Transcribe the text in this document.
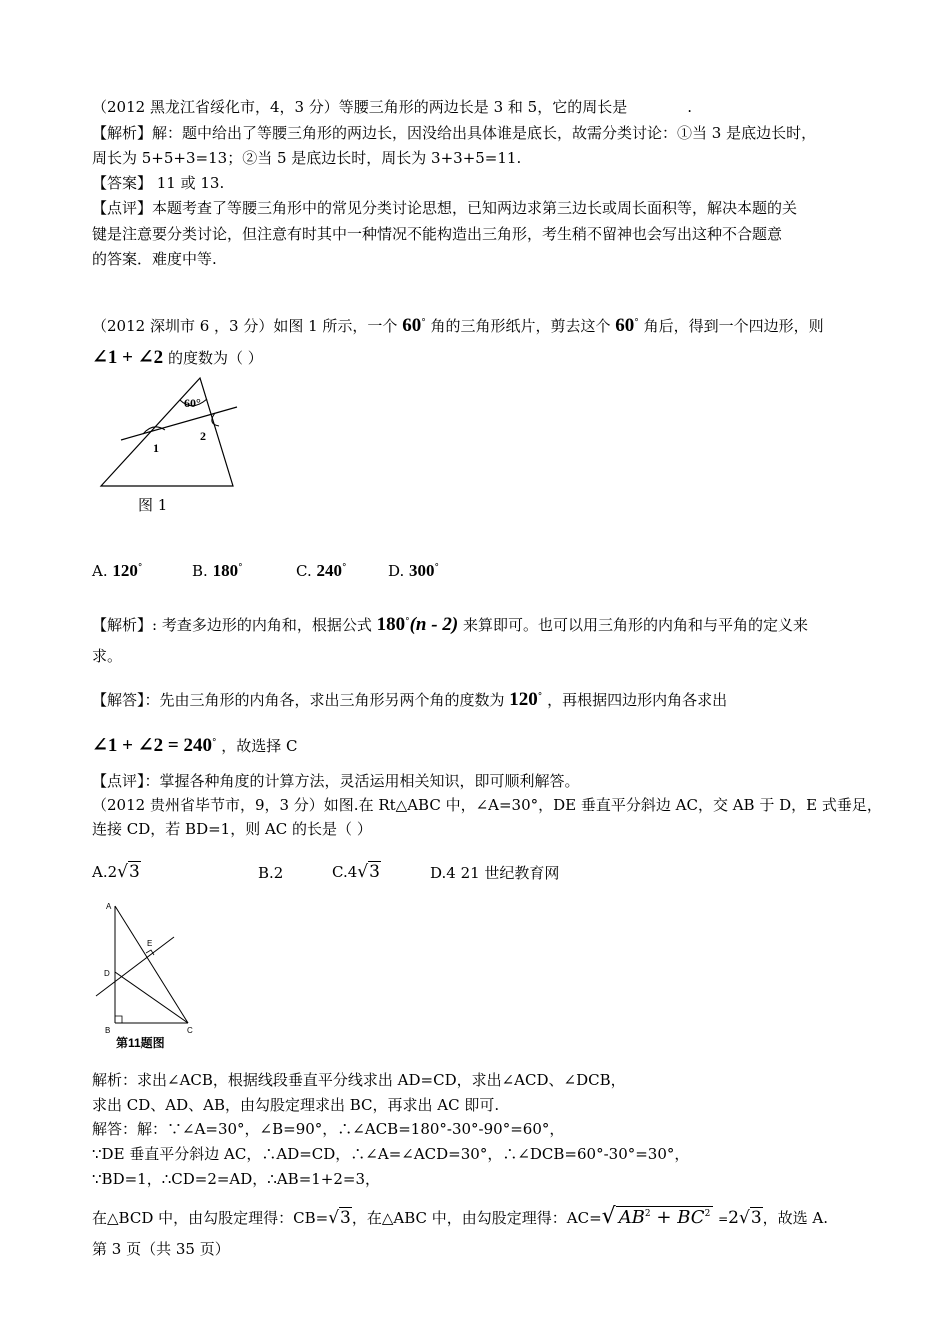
（2012 黑龙江省绥化市，4，3 分）等腰三角形的两边长是 3 和 5，它的周长是	.
【解析】解：题中给出了等腰三角形的两边长，因没给出具体谁是底长，故需分类讨论：①当 3 是底边长时，
周长为 5+5+3=13；②当 5 是底边长时，周长为 3+3+5=11.
【答案】 11 或 13.
【点评】本题考查了等腰三角形中的常见分类讨论思想，已知两边求第三边长或周长面积等，解决本题的关
键是注意要分类讨论，但注意有时其中一种情况不能构造出三角形，考生稍不留神也会写出这种不合题意
的答案．难度中等.
（2012 深圳市 6 ，3 分）如图 1 所示，一个 60° 角的三角形纸片，剪去这个 60° 角后，得到一个四边形，则
∠1 + ∠2 的度数为（ ）
60°
1
2
图 1
A. 120°	B. 180°	C. 240°	D. 300°
【解析】: 考查多边形的内角和，根据公式 180°(n - 2) 来算即可。也可以用三角形的内角和与平角的定义来
求。
【解答】：先由三角形的内角各，求出三角形另两个角的度数为 120° ，再根据四边形内角各求出
∠1 + ∠2 = 240° ，故选择 C
【点评】：掌握各种角度的计算方法，灵活运用相关知识，即可顺利解答。
（2012 贵州省毕节市，9，3 分）如图.在 Rt△ABC 中，∠A=30°，DE 垂直平分斜边 AC，交 AB 于 D，E 式垂足，
连接 CD，若 BD=1，则 AC 的长是（ ）
A.2√3	B.2	C.4√3	D.4 21 世纪教育网
A
D
E
B	C
第11题图
解析：求出∠ACB，根据线段垂直平分线求出 AD=CD，求出∠ACD、∠DCB，
求出 CD、AD、AB，由勾股定理求出 BC，再求出 AC 即可.
解答：解：∵∠A=30°，∠B=90°，∴∠ACB=180°-30°-90°=60°，
∵DE 垂直平分斜边 AC，∴AD=CD，∴∠A=∠ACD=30°，∴∠DCB=60°-30°=30°，
∵BD=1，∴CD=2=AD，∴AB=1+2=3，
在△BCD 中，由勾股定理得：CB=√3，在△ABC 中，由勾股定理得：AC=√ $AB^2 + BC^2 =2√3$，故选 A.
第 3 页（共 35 页）
